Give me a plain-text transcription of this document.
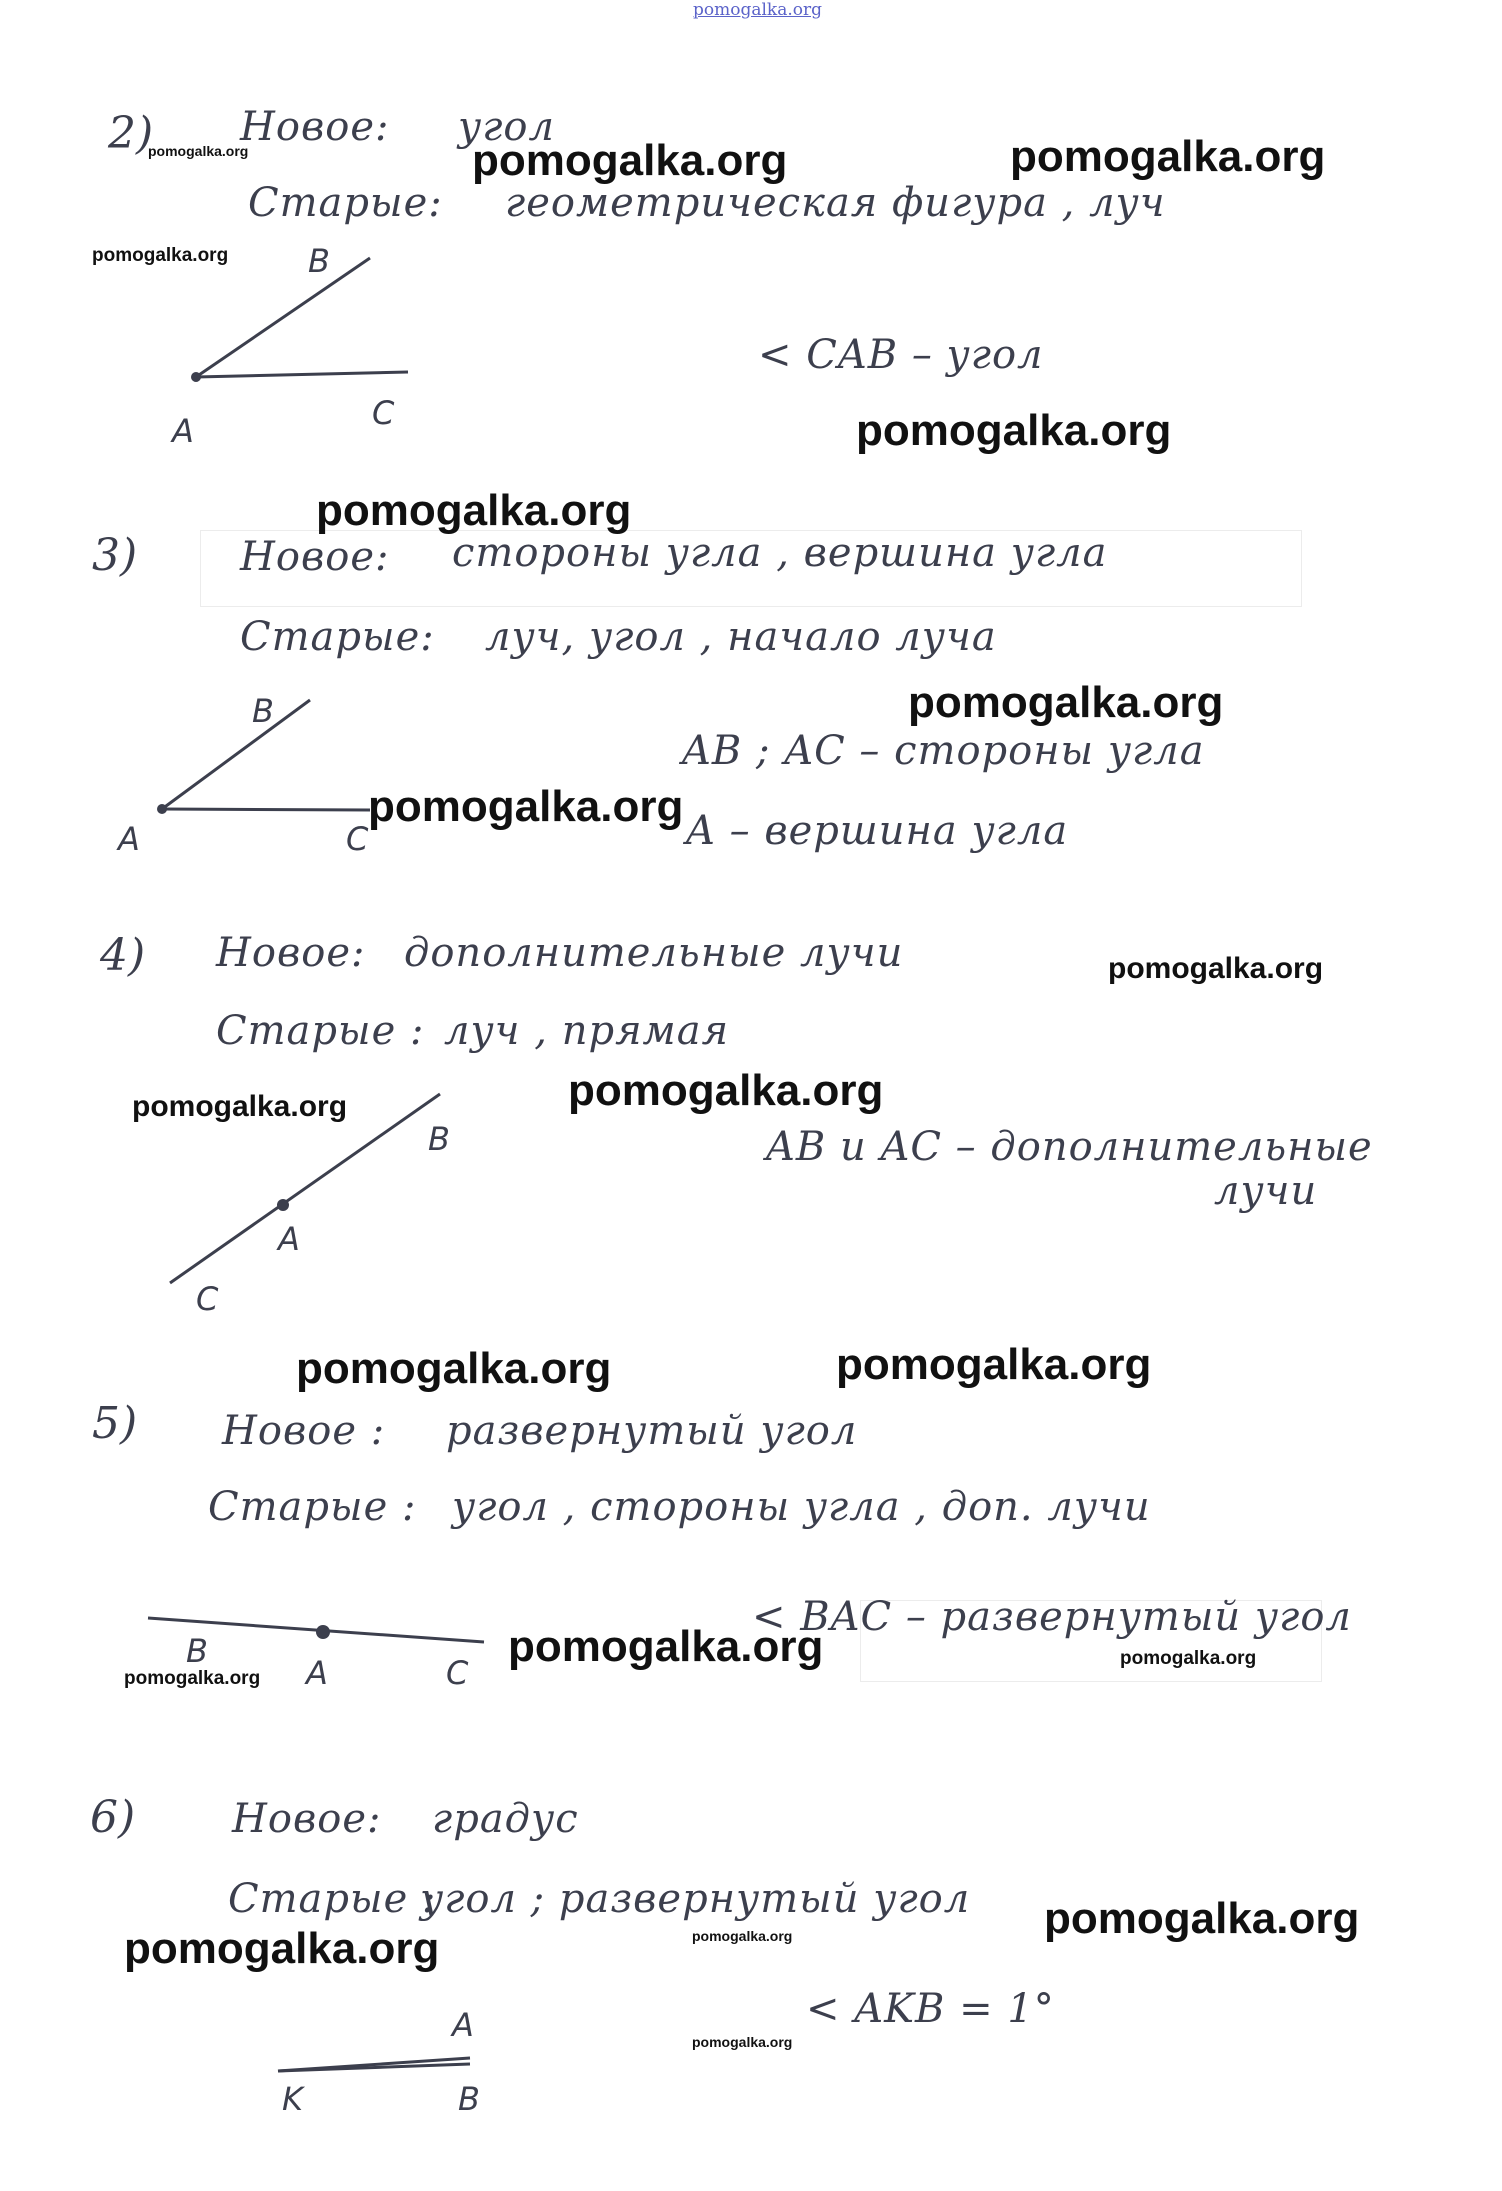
pomogalka.org
2) Новое: угол
Старые: геометрическая фигура , луч
B
A	C
< CAB – угол
3)	Новое: стороны угла , вершина угла
Старые: луч, угол , начало луча
B
A	C
AB ; AC – стороны угла
A – вершина угла
4) Новое: дополнительные лучи
Старые : луч , прямая
B
A
C
AB и AC – дополнительные
лучи
5) Новое : развернутый угол
Старые : угол , стороны угла , доп. лучи
B
A	C
< BAC – развернутый угол
6) Новое: градус
Старые :
угол ; развернутый угол
A
K	B
< AKB = 1°
pomogalka.org	pomogalka.org	pomogalka.org
pomogalka.org
pomogalka.org
pomogalka.org
pomogalka.org
pomogalka.org
pomogalka.org
pomogalka.org	pomogalka.org
pomogalka.org	pomogalka.org
pomogalka.org
pomogalka.org
pomogalka.org
pomogalka.org
pomogalka.org	pomogalka.org
pomogalka.org
